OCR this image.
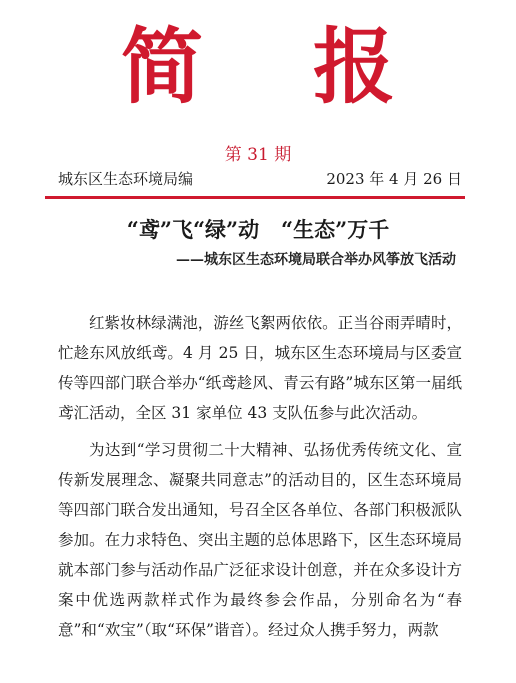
简报
第 31 期
城东区生态环境局编	2023 年 4 月 26 日
“鸢”飞“绿”动   “生态”万千
——城东区生态环境局联合举办风筝放飞活动

红紫妆林绿满池，游丝飞絮两依依。正当谷雨弄晴时，忙趁东风放纸鸢。4 月 25 日，城东区生态环境局与区委宣传等四部门联合举办“纸鸢趁风、青云有路”城东区第一届纸鸢汇活动，全区 31 家单位 43 支队伍参与此次活动。

为达到“学习贯彻二十大精神、弘扬优秀传统文化、宣传新发展理念、凝聚共同意志”的活动目的，区生态环境局等四部门联合发出通知，号召全区各单位、各部门积极派队参加。在力求特色、突出主题的总体思路下，区生态环境局就本部门参与活动作品广泛征求设计创意，并在众多设计方案中优选两款样式作为最终参会作品，分别命名为“春意”和“欢宝”（取“环保”谐音）。经过众人携手努力，两款
